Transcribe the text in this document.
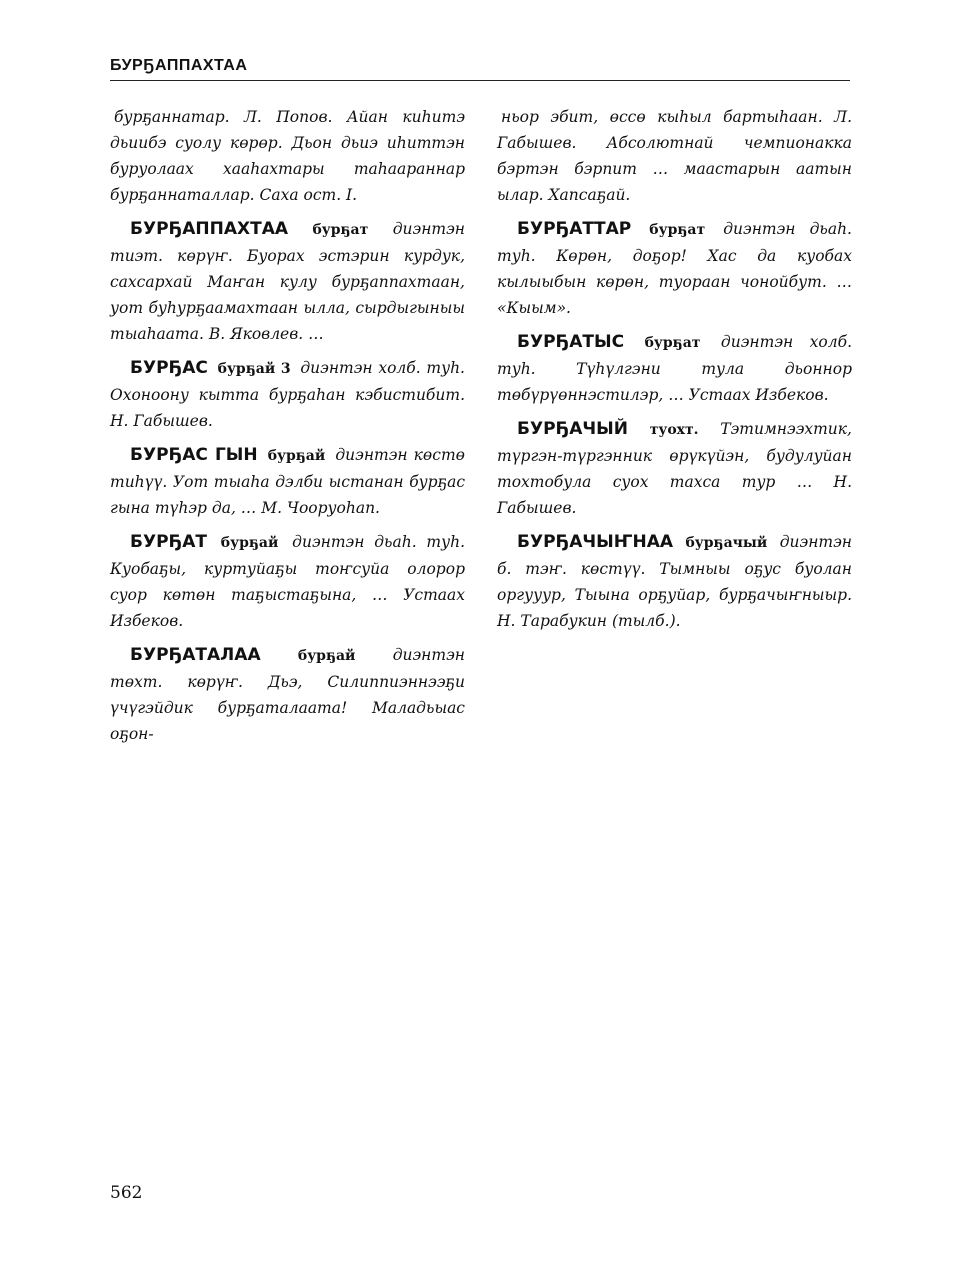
БУРҔАППАХТАА

бурҕаннатар. Л. Попов. Айан киһитэ дьиибэ суолу көрөр. Дьон дьиэ иһиттэн буруолаах хааһахтары таһаараннар бурҕаннаталлар. Саха ост. I.

БУРҔАППАХТАА бурҕат диэнтэн тиэт. көрүҥ. Буорах эстэрин курдук, сахсархай Маҥан кулу бурҕаппахтаан, уот буһурҕаамахтаан ылла, сырдыгыныы тыаһаата. В. Яковлев. …

БУРҔАС бурҕай 3 диэнтэн холб. туһ. Охоноону кытта бурҕаһан кэбистибит. Н. Габышев.

БУРҔАС ГЫН бурҕай диэнтэн көстө тиһүү. Уот тыаһа дэлби ыстанан бурҕас гына түһэр да, … М. Чооруоһап.

БУРҔАТ бурҕай диэнтэн дьаһ. туһ. Куобаҕы, куртуйаҕы тоҥсуйа олорор суор көтөн таҕыстаҕына, … Устаах Избеков.

БУРҔАТАЛАА	бурҕай диэнтэн төхт. көрүҥ. Дьэ, Силиппиэннээҕи үчүгэйдик бурҕаталаата! Маладьыас оҕон-

ньор эбит, өссө кыһыл бартыһаан. Л. Габышев. Абсолютнай чемпионакка бэртэн бэрпит … маастарын аатын ылар. Хапсаҕай.

БУРҔАТТАР бурҕат диэнтэн дьаһ. туһ. Көрөн, доҕор! Хас да куобах кылыыбын көрөн, туораан чонойбут. … «Кыым».

БУРҔАТЫС бурҕат диэнтэн холб. туһ. Түһүлгэни тула дьоннор төбүрүөннэстилэр, … Устаах Избеков.

БУРҔАЧЫЙ туохт. Тэтимнээхтик, түргэн-түргэнник өрүкүйэн, будулуйан тохтобула суох тахса тур … Н. Габышев.

БУРҔАЧЫҤНАА бурҕачый диэнтэн б. тэҥ. көстүү. Тымныы оҕус буолан оргууур, Тыына орҕуйар, бурҕачыҥныыр. Н. Тарабукин (тылб.).

562
